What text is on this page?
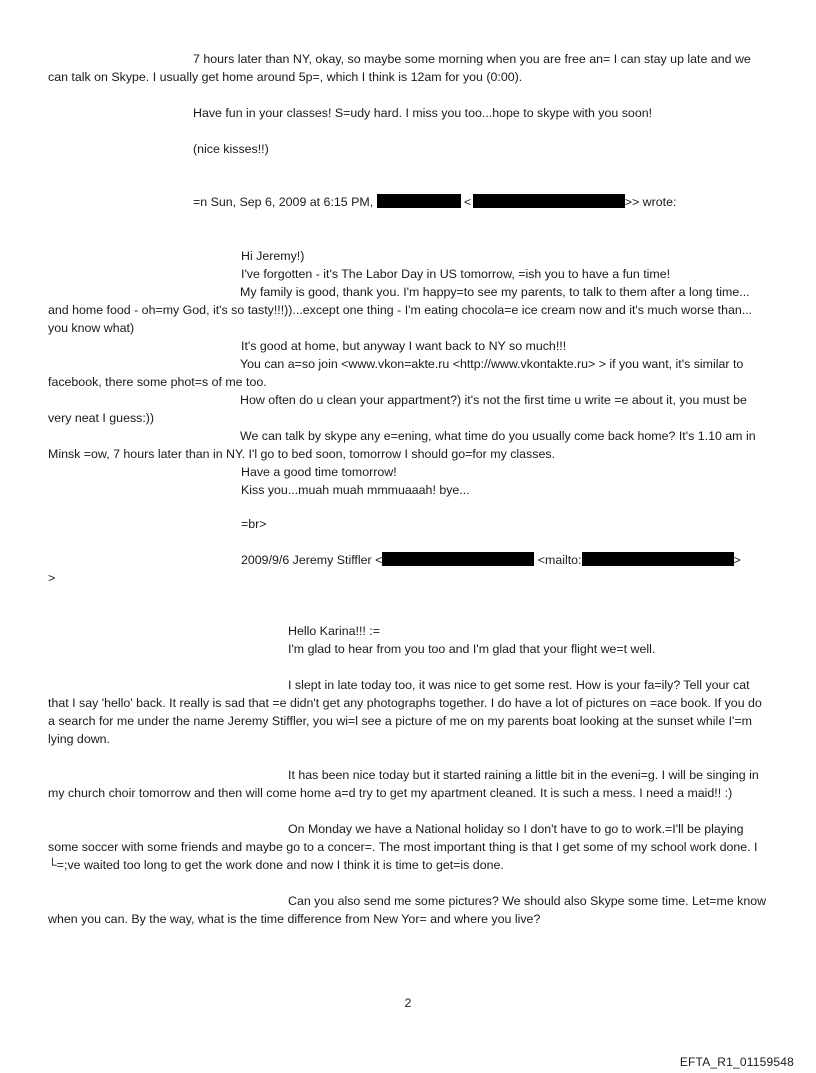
7 hours later than NY, okay, so maybe some morning when you are free an= I can stay up late and we can talk on Skype. I usually get home around 5p=, which I think is 12am for you (0:00).

Have fun in your classes! S=udy hard. I miss you too...hope to skype with you soon!
(nice kisses!!)
=n Sun, Sep 6, 2009 at 6:15 PM,	<	>> wrote:
Hi Jeremy!)
I've forgotten - it's The Labor Day in US tomorrow, =ish you to have a fun time!

My family is good, thank you. I'm happy=to see my parents, to talk to them after a long time... and home food - oh=my God, it's so tasty!!!))...except one thing - I'm eating chocola=e ice cream now and it's much worse than... you know what)

It's good at home, but anyway I want back to NY so much!!!

You can a=so join <www.vkon=akte.ru <http://www.vkontakte.ru> > if you want, it's similar to facebook, there some phot=s of me too.

How often do u clean your appartment?) it's not the first time u write =e about it, you must be very neat I guess:))

We can talk by skype any e=ening, what time do you usually come back home? It's 1.10 am in Minsk =ow, 7 hours later than in NY. I'l go to bed soon, tomorrow I should go=for my classes.

Have a good time tomorrow!
Kiss you...muah muah mmmuaaah! bye...
=br>
2009/9/6 Jeremy Stiffler <	<mailto:	>
>
Hello Karina!!! :=
I'm glad to hear from you too and I'm glad that your flight we=t well.

I slept in late today too, it was nice to get some rest. How is your fa=ily? Tell your cat that I say 'hello' back. It really is sad that =e didn't get any photographs together. I do have a lot of pictures on =ace book. If you do a search for me under the name Jeremy Stiffler, you wi=l see a picture of me on my parents boat looking at the sunset while I'=m lying down.

It has been nice today but it started raining a little bit in the eveni=g. I will be singing in my church choir tomorrow and then will come home a=d try to get my apartment cleaned. It is such a mess. I need a maid!! :)

On Monday we have a National holiday so I don't have to go to work.=I'll be playing some soccer with some friends and maybe go to a concer=. The most important thing is that I get some of my school work done. I └=;ve waited too long to get the work done and now I think it is time to get=is done.

Can you also send me some pictures? We should also Skype some time. Let=me know when you can. By the way, what is the time difference from New Yor= and where you live?

2
EFTA_R1_01159548
